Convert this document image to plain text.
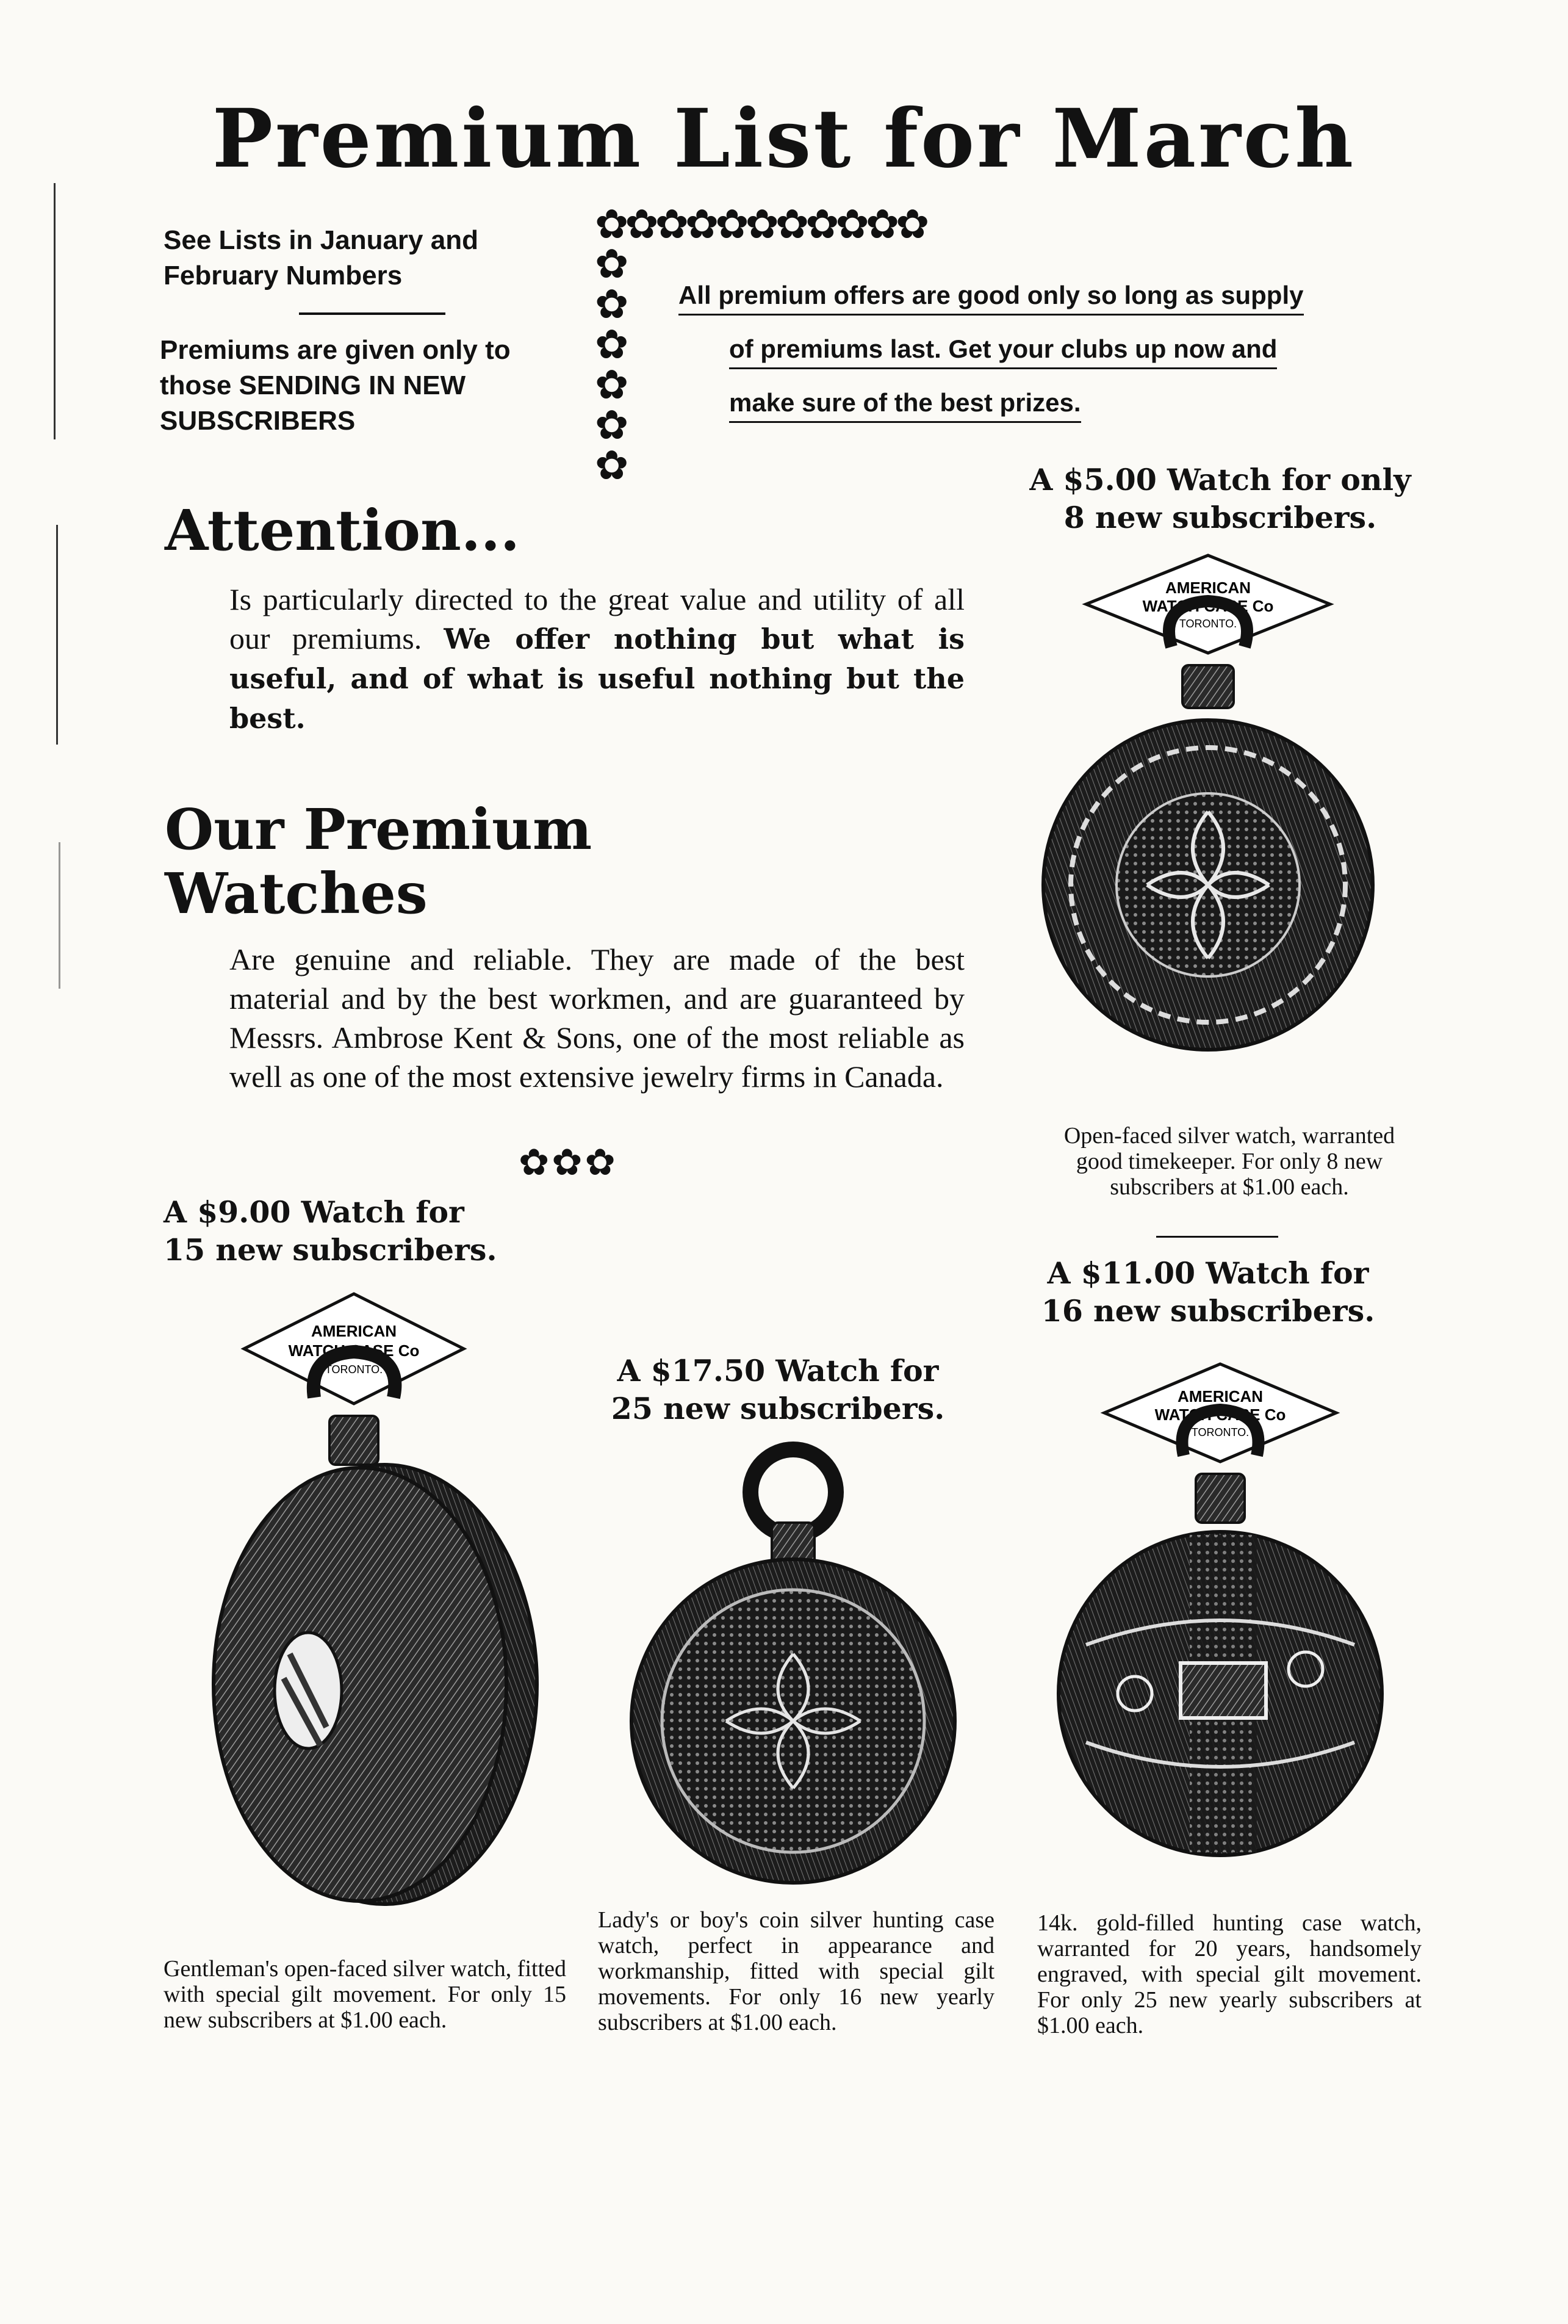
Premium List for March
See Lists in January and February Numbers
Premiums are given only to those SENDING IN NEW SUBSCRIBERS
✿✿✿✿✿✿✿✿✿✿✿
✿
✿
✿
✿
✿
✿
All premium offers are good only so long as supply
of premiums last. Get your clubs up now and
make sure of the best prizes.
Attention...
Is particularly directed to the great value and utility of all our premiums. We offer nothing but what is useful, and of what is useful nothing but the best.
Our Premium
Watches
Are genuine and reliable. They are made of the best material and by the best workmen, and are guaranteed by Messrs. Ambrose Kent & Sons, one of the most reliable as well as one of the most extensive jewelry firms in Canada.
✿✿✿
A $5.00 Watch for only 8 new subscribers.
AMERICAN
WATCH CASE Co
TORONTO.
Open-faced silver watch, warranted good timekeeper. For only 8 new subscribers at $1.00 each.
A $9.00 Watch for 15 new subscribers.
AMERICAN
WATCH CASE Co
TORONTO.
Gentleman's open-faced silver watch, fitted with special gilt movement. For only 15 new subscribers at $1.00 each.
A $17.50 Watch for 25 new subscribers.
Lady's or boy's coin silver hunting case watch, perfect in appearance and workmanship, fitted with special gilt movements. For only 16 new yearly subscribers at $1.00 each.
A $11.00 Watch for 16 new subscribers.
AMERICAN
WATCH CASE Co
TORONTO.
14k. gold-filled hunting case watch, warranted for 20 years, handsomely engraved, with special gilt movement. For only 25 new yearly subscribers at $1.00 each.
